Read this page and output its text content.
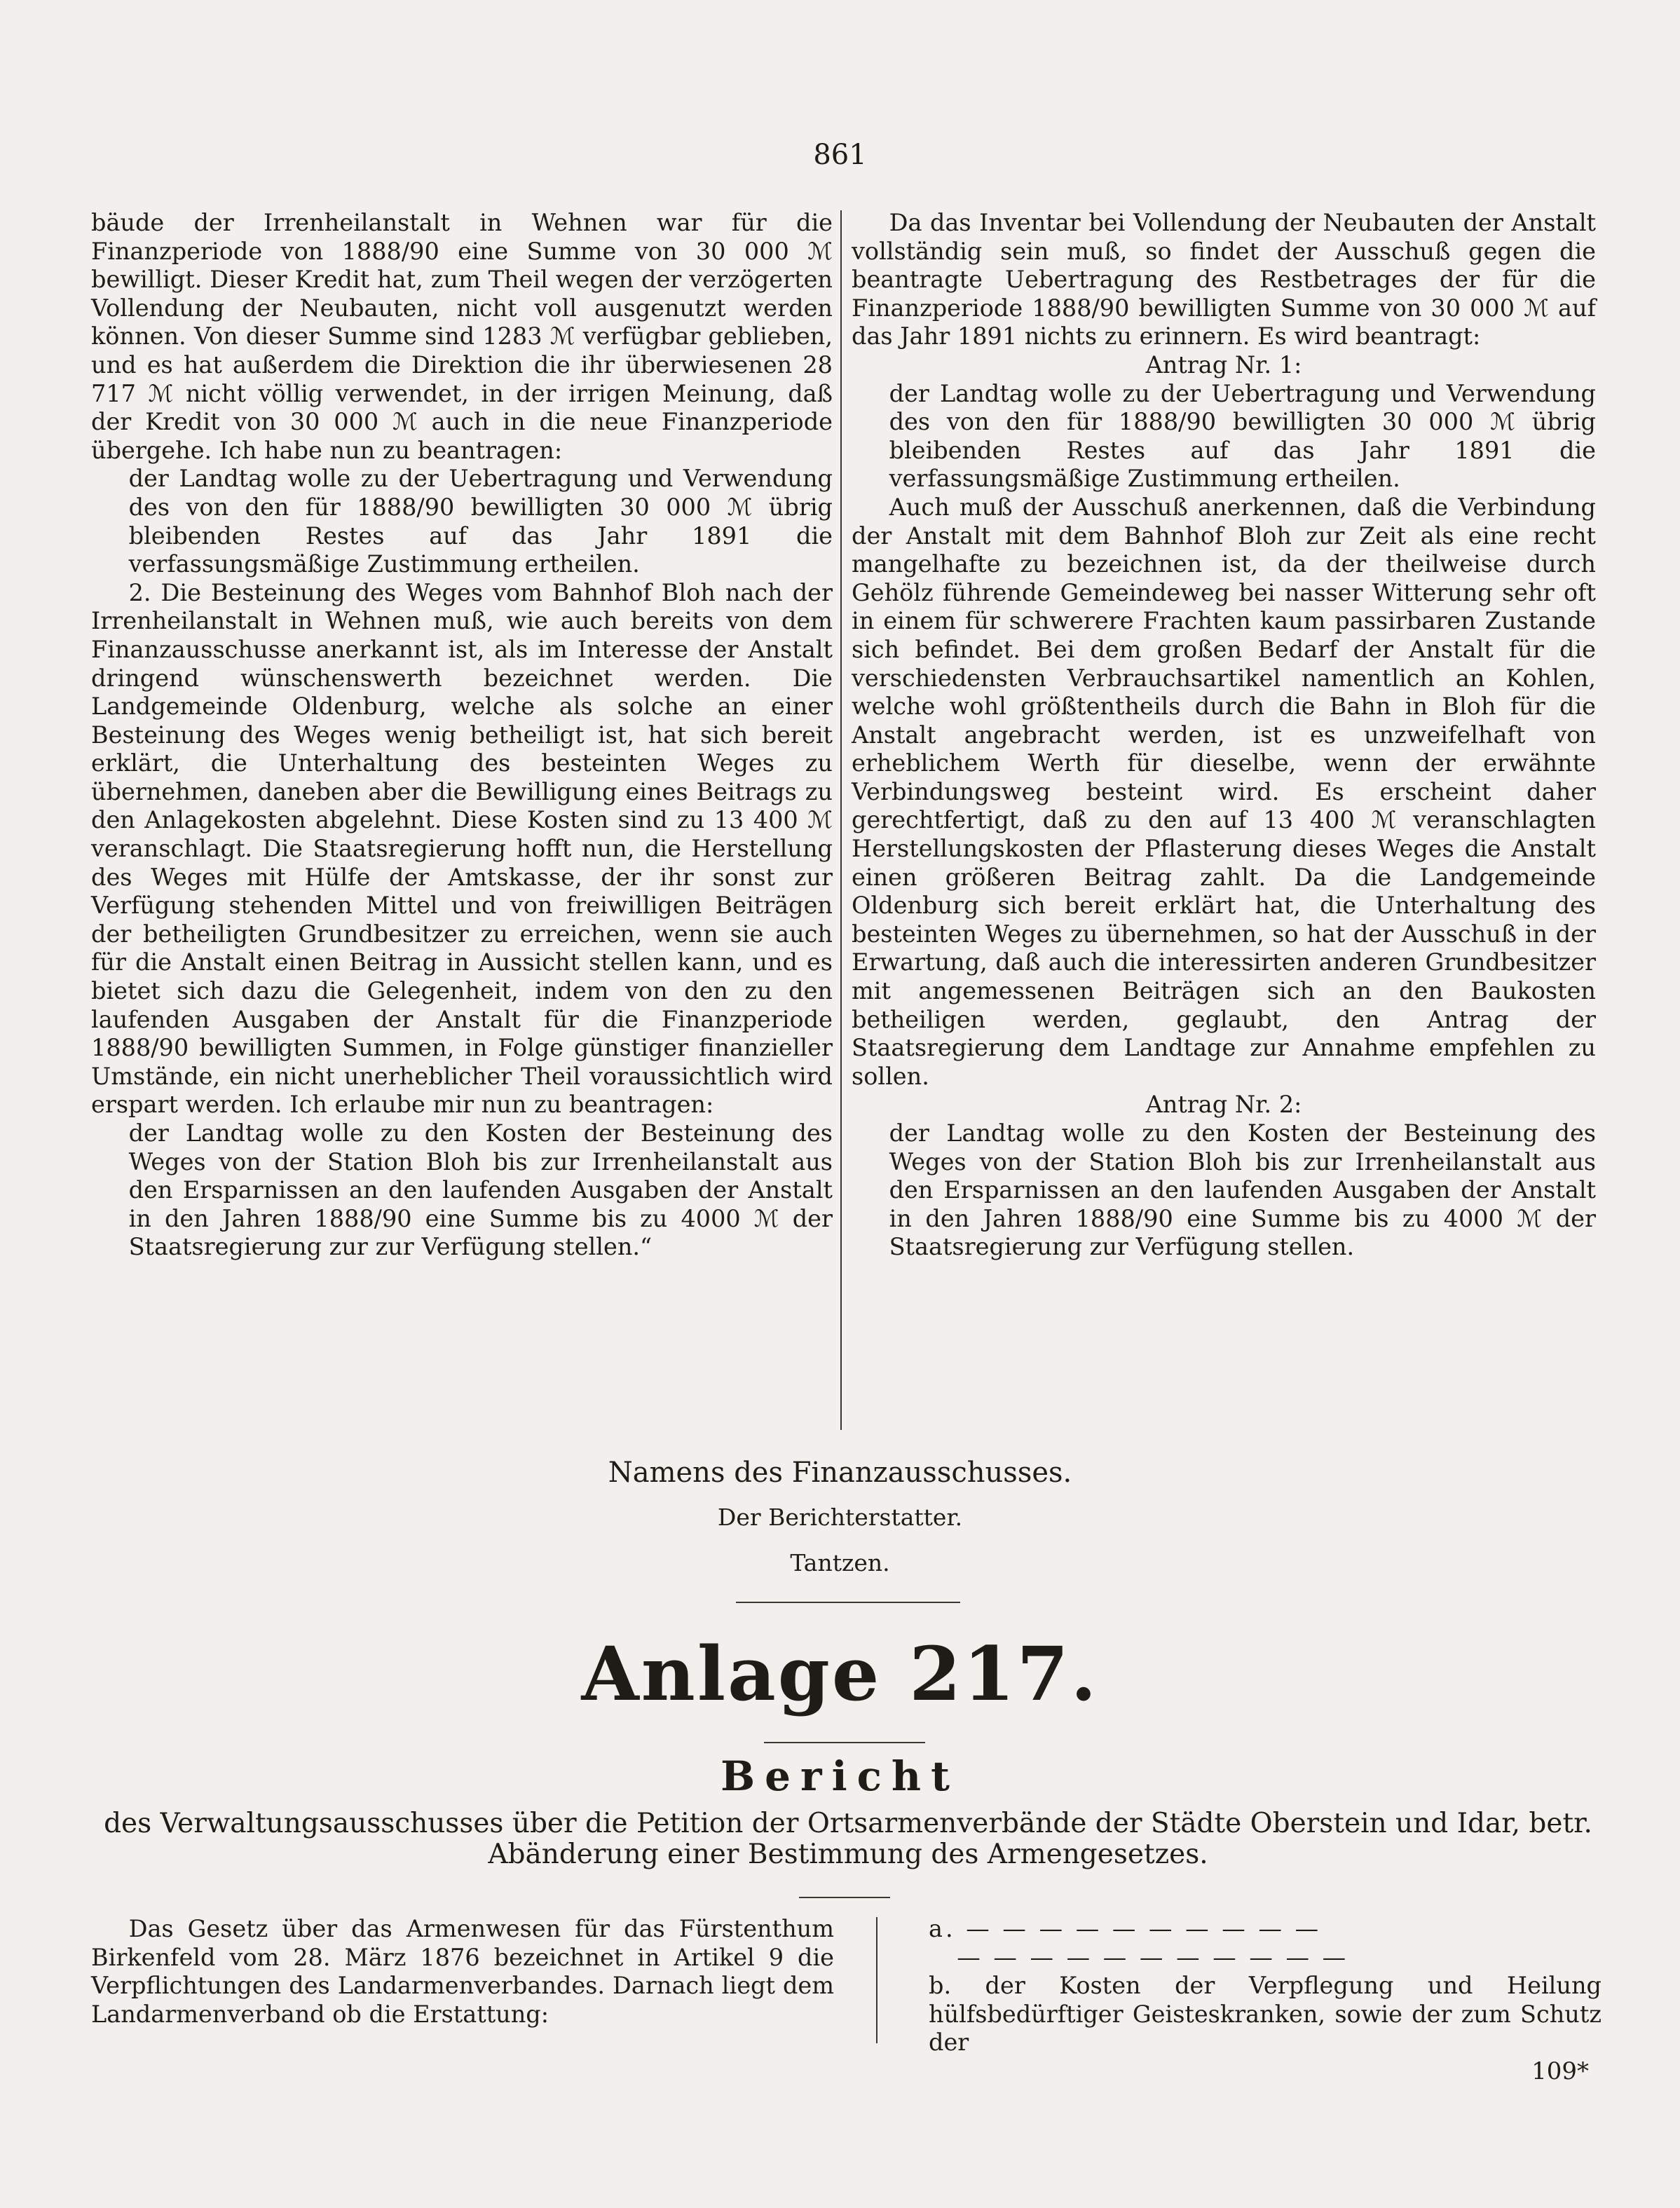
861

bäude der Irrenheilanstalt in Wehnen war für die Finanzperiode von 1888/90 eine Summe von 30 000 ℳ bewilligt. Dieser Kredit hat, zum Theil wegen der verzögerten Vollendung der Neubauten, nicht voll ausgenutzt werden können. Von dieser Summe sind 1283 ℳ verfügbar geblieben, und es hat außerdem die Direktion die ihr überwiesenen 28 717 ℳ nicht völlig verwendet, in der irrigen Meinung, daß der Kredit von 30 000 ℳ auch in die neue Finanzperiode übergehe. Ich habe nun zu beantragen:

der Landtag wolle zu der Uebertragung und Verwendung des von den für 1888/90 bewilligten 30 000 ℳ übrig bleibenden Restes auf das Jahr 1891 die verfassungsmäßige Zustimmung ertheilen.

2. Die Besteinung des Weges vom Bahnhof Bloh nach der Irrenheilanstalt in Wehnen muß, wie auch bereits von dem Finanzausschusse anerkannt ist, als im Interesse der Anstalt dringend wünschenswerth bezeichnet werden. Die Landgemeinde Oldenburg, welche als solche an einer Besteinung des Weges wenig betheiligt ist, hat sich bereit erklärt, die Unterhaltung des besteinten Weges zu übernehmen, daneben aber die Bewilligung eines Beitrags zu den Anlagekosten abgelehnt. Diese Kosten sind zu 13 400 ℳ veranschlagt. Die Staatsregierung hofft nun, die Herstellung des Weges mit Hülfe der Amtskasse, der ihr sonst zur Verfügung stehenden Mittel und von freiwilligen Beiträgen der betheiligten Grundbesitzer zu erreichen, wenn sie auch für die Anstalt einen Beitrag in Aussicht stellen kann, und es bietet sich dazu die Gelegenheit, indem von den zu den laufenden Ausgaben der Anstalt für die Finanzperiode 1888/90 bewilligten Summen, in Folge günstiger finanzieller Umstände, ein nicht unerheblicher Theil voraussichtlich wird erspart werden. Ich erlaube mir nun zu beantragen:

der Landtag wolle zu den Kosten der Besteinung des Weges von der Station Bloh bis zur Irrenheilanstalt aus den Ersparnissen an den laufenden Ausgaben der Anstalt in den Jahren 1888/90 eine Summe bis zu 4000 ℳ der Staatsregierung zur zur Verfügung stellen.“

Da das Inventar bei Vollendung der Neubauten der Anstalt vollständig sein muß, so findet der Ausschuß gegen die beantragte Uebertragung des Restbetrages der für die Finanzperiode 1888/90 bewilligten Summe von 30 000 ℳ auf das Jahr 1891 nichts zu erinnern. Es wird beantragt:

Antrag Nr. 1:

der Landtag wolle zu der Uebertragung und Verwendung des von den für 1888/90 bewilligten 30 000 ℳ übrig bleibenden Restes auf das Jahr 1891 die verfassungsmäßige Zustimmung ertheilen.

Auch muß der Ausschuß anerkennen, daß die Verbindung der Anstalt mit dem Bahnhof Bloh zur Zeit als eine recht mangelhafte zu bezeichnen ist, da der theilweise durch Gehölz führende Gemeindeweg bei nasser Witterung sehr oft in einem für schwerere Frachten kaum passirbaren Zustande sich befindet. Bei dem großen Bedarf der Anstalt für die verschiedensten Verbrauchsartikel namentlich an Kohlen, welche wohl größtentheils durch die Bahn in Bloh für die Anstalt angebracht werden, ist es unzweifelhaft von erheblichem Werth für dieselbe, wenn der erwähnte Verbindungsweg besteint wird. Es erscheint daher gerechtfertigt, daß zu den auf 13 400 ℳ veranschlagten Herstellungskosten der Pflasterung dieses Weges die Anstalt einen größeren Beitrag zahlt. Da die Landgemeinde Oldenburg sich bereit erklärt hat, die Unterhaltung des besteinten Weges zu übernehmen, so hat der Ausschuß in der Erwartung, daß auch die interessirten anderen Grundbesitzer mit angemessenen Beiträgen sich an den Baukosten betheiligen werden, geglaubt, den Antrag der Staatsregierung dem Landtage zur Annahme empfehlen zu sollen.

Antrag Nr. 2:

der Landtag wolle zu den Kosten der Besteinung des Weges von der Station Bloh bis zur Irrenheilanstalt aus den Ersparnissen an den laufenden Ausgaben der Anstalt in den Jahren 1888/90 eine Summe bis zu 4000 ℳ der Staatsregierung zur Verfügung stellen.

Namens des Finanzausschusses.
Der Berichterstatter.
Tantzen.
Anlage 217.
Bericht
des Verwaltungsausschusses über die Petition der Ortsarmenverbände der Städte Oberstein und Idar, betr. Abänderung einer Bestimmung des Armengesetzes.

Das Gesetz über das Armenwesen für das Fürstenthum Birkenfeld vom 28. März 1876 bezeichnet in Artikel 9 die Verpflichtungen des Landarmenverbandes. Darnach liegt dem Landarmenverband ob die Erstattung:

a. — — — — — — — — — —

— — — — — — — — — — —

b. der Kosten der Verpflegung und Heilung hülfsbedürftiger Geisteskranken, sowie der zum Schutz der

109*
